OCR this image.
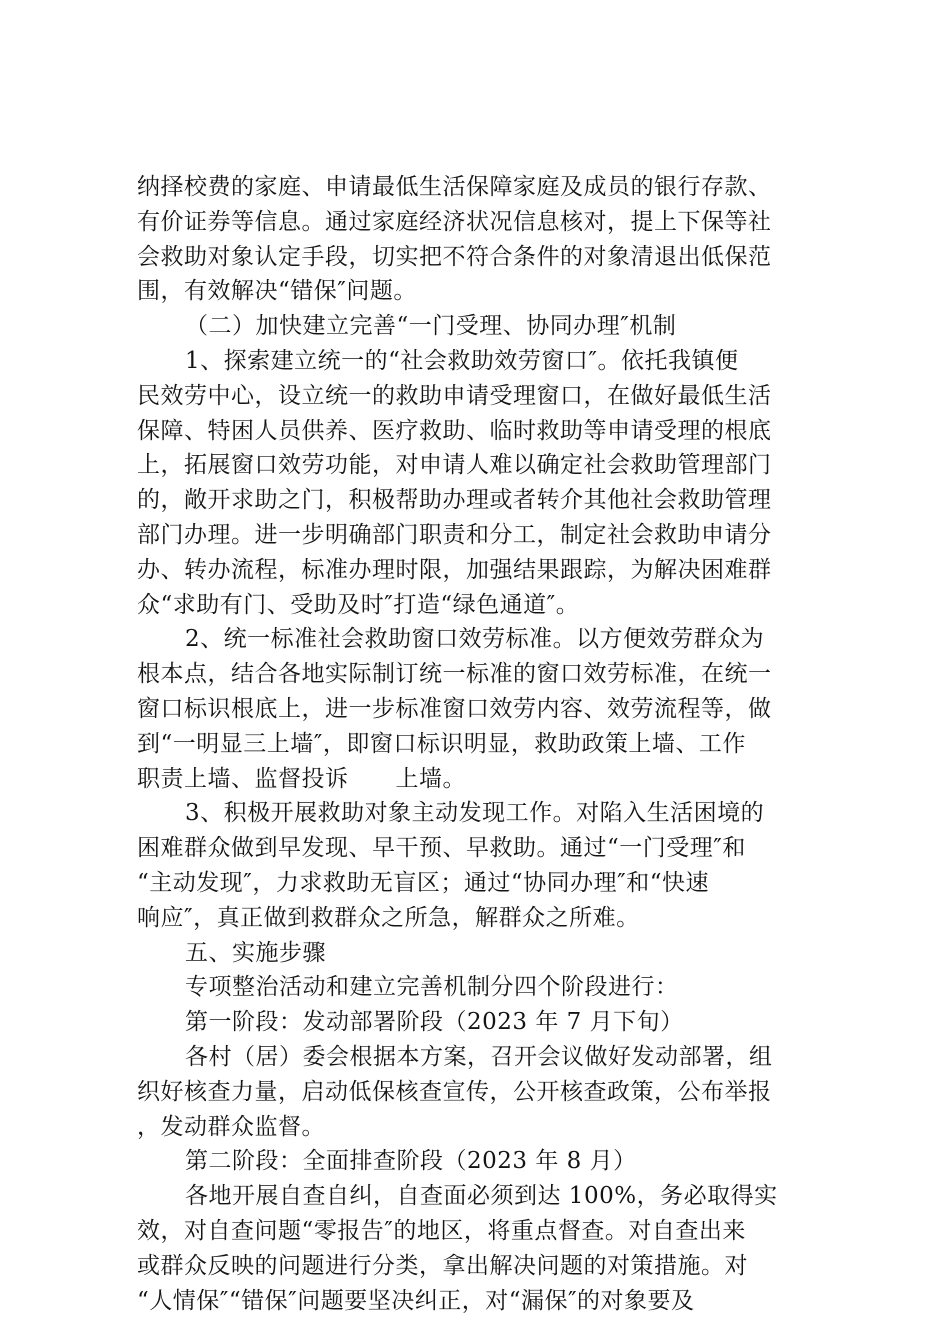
纳择校费的家庭、申请最低生活保障家庭及成员的银行存款、
有价证券等信息。通过家庭经济状况信息核对，提上下保等社
会救助对象认定手段，切实把不符合条件的对象清退出低保范
围，有效解决“错保″问题。
（二）加快建立完善“一门受理、协同办理″机制
1、探索建立统一的“社会救助效劳窗口″。依托我镇便
民效劳中心，设立统一的救助申请受理窗口，在做好最低生活
保障、特困人员供养、医疗救助、临时救助等申请受理的根底
上，拓展窗口效劳功能，对申请人难以确定社会救助管理部门
的，敞开求助之门，积极帮助办理或者转介其他社会救助管理
部门办理。进一步明确部门职责和分工，制定社会救助申请分
办、转办流程，标准办理时限，加强结果跟踪，为解决困难群
众“求助有门、受助及时″打造“绿色通道″。
2、统一标准社会救助窗口效劳标准。以方便效劳群众为
根本点，结合各地实际制订统一标准的窗口效劳标准，在统一
窗口标识根底上，进一步标准窗口效劳内容、效劳流程等，做
到“一明显三上墙″，即窗口标识明显，救助政策上墙、工作
职责上墙、监督投诉　　上墙。
3、积极开展救助对象主动发现工作。对陷入生活困境的
困难群众做到早发现、早干预、早救助。通过“一门受理″和
“主动发现″，力求救助无盲区；通过“协同办理″和“快速
响应″，真正做到救群众之所急，解群众之所难。
五、实施步骤
专项整治活动和建立完善机制分四个阶段进行：
第一阶段：发动部署阶段（2023 年 7 月下旬）
各村（居）委会根据本方案，召开会议做好发动部署，组
织好核查力量，启动低保核查宣传，公开核查政策，公布举报
，发动群众监督。
第二阶段：全面排查阶段（2023 年 8 月）
各地开展自查自纠，自查面必须到达 100%，务必取得实
效，对自查问题“零报告″的地区，将重点督查。对自查出来
或群众反映的问题进行分类，拿出解决问题的对策措施。对
“人情保″“错保″问题要坚决纠正，对“漏保″的对象要及
